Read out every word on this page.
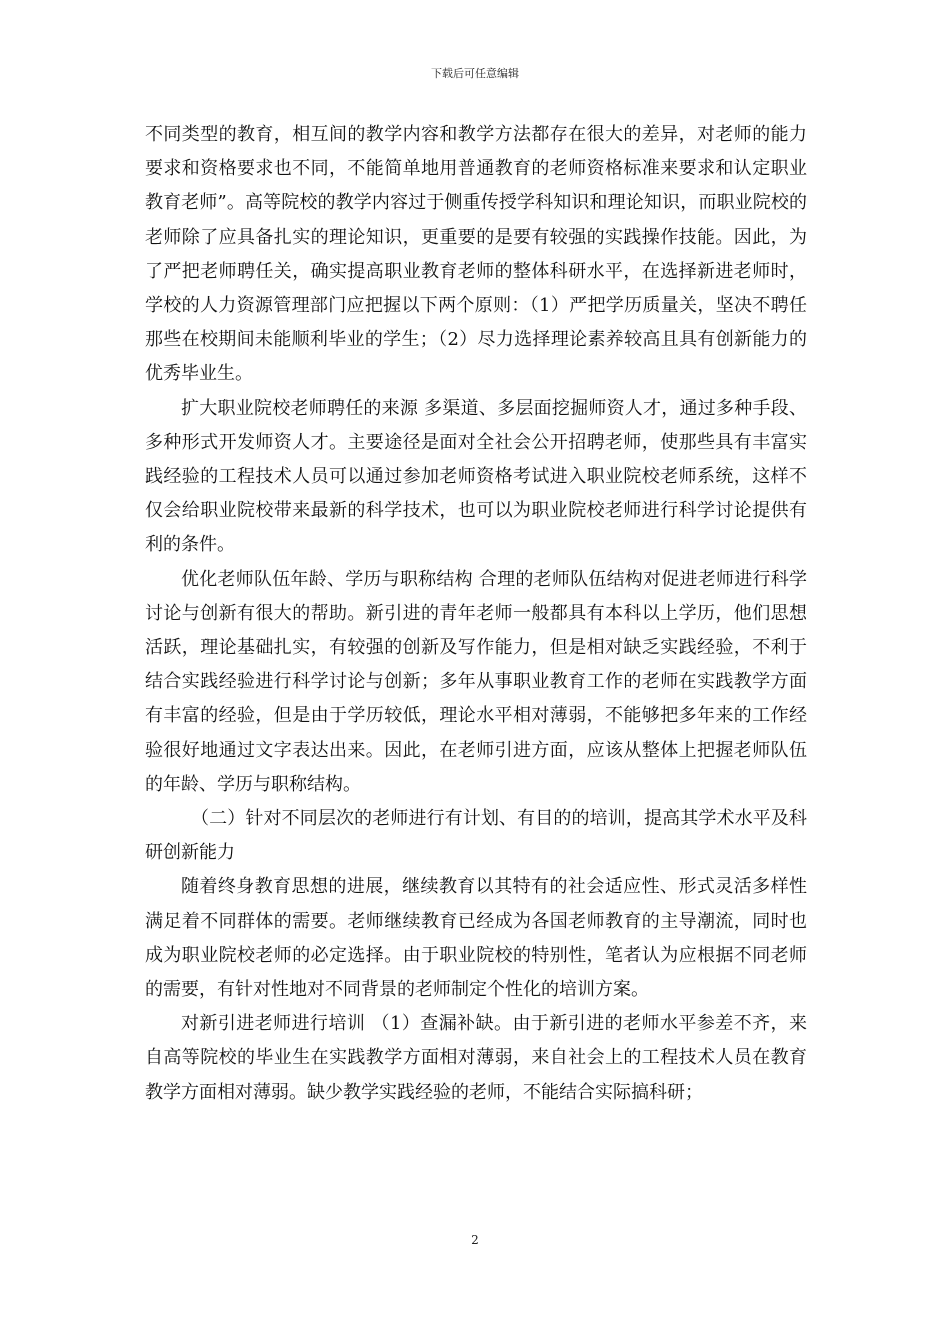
下载后可任意编辑

不同类型的教育，相互间的教学内容和教学方法都存在很大的差异，对老师的能力要求和资格要求也不同，不能简单地用普通教育的老师资格标准来要求和认定职业教育老师”。高等院校的教学内容过于侧重传授学科知识和理论知识，而职业院校的老师除了应具备扎实的理论知识，更重要的是要有较强的实践操作技能。因此，为了严把老师聘任关，确实提高职业教育老师的整体科研水平，在选择新进老师时，学校的人力资源管理部门应把握以下两个原则：（1）严把学历质量关，坚决不聘任那些在校期间未能顺利毕业的学生；（2）尽力选择理论素养较高且具有创新能力的优秀毕业生。

扩大职业院校老师聘任的来源 多渠道、多层面挖掘师资人才，通过多种手段、多种形式开发师资人才。主要途径是面对全社会公开招聘老师，使那些具有丰富实践经验的工程技术人员可以通过参加老师资格考试进入职业院校老师系统，这样不仅会给职业院校带来最新的科学技术，也可以为职业院校老师进行科学讨论提供有利的条件。

优化老师队伍年龄、学历与职称结构 合理的老师队伍结构对促进老师进行科学讨论与创新有很大的帮助。新引进的青年老师一般都具有本科以上学历，他们思想活跃，理论基础扎实，有较强的创新及写作能力，但是相对缺乏实践经验，不利于结合实践经验进行科学讨论与创新；多年从事职业教育工作的老师在实践教学方面有丰富的经验，但是由于学历较低，理论水平相对薄弱，不能够把多年来的工作经验很好地通过文字表达出来。因此，在老师引进方面，应该从整体上把握老师队伍的年龄、学历与职称结构。

（二）针对不同层次的老师进行有计划、有目的的培训，提高其学术水平及科研创新能力

随着终身教育思想的进展，继续教育以其特有的社会适应性、形式灵活多样性满足着不同群体的需要。老师继续教育已经成为各国老师教育的主导潮流，同时也成为职业院校老师的必定选择。由于职业院校的特别性，笔者认为应根据不同老师的需要，有针对性地对不同背景的老师制定个性化的培训方案。

对新引进老师进行培训 （1）查漏补缺。由于新引进的老师水平参差不齐，来自高等院校的毕业生在实践教学方面相对薄弱，来自社会上的工程技术人员在教育教学方面相对薄弱。缺少教学实践经验的老师，不能结合实际搞科研；

2
